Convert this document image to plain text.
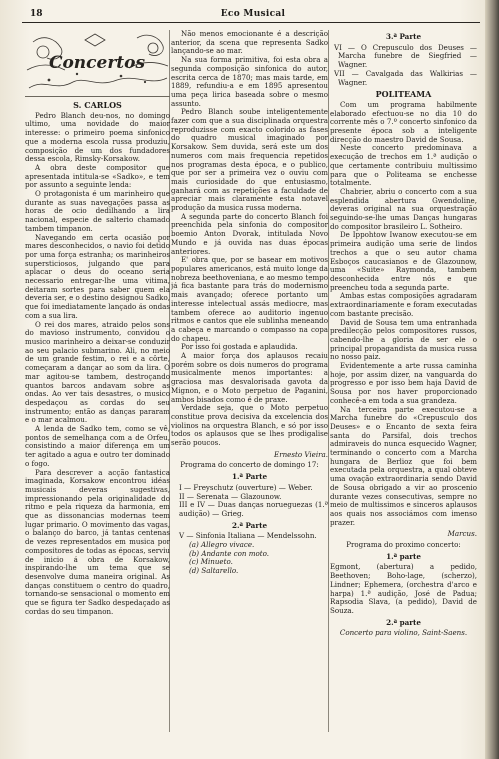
18	Eco Musical
Concertos
S. CARLOS

Pedro Blanch deu-nos, no domingo ultimo, uma novidade do maior interesse: o primeiro poema sinfonico que a moderna escola russa produziu, composição de um dos fundadores dessa escola, Rimsky-Korsakow.

A obra deste compositor que apresentada intitula-se «Sadko», e tem por assunto a seguinte lenda:

O protagonista é um marinheiro que durante as suas navegações passa as horas de ocio dedilhando a lira nacional, especie de salterio chamado tambem timpanon.

Navegando em certa ocasião por mares desconhecidos, o navio foi detido por uma força estranha; os marinheiros supersticiosos, julgando que para aplacar o deus do oceano seria necessario entregar-lhe uma vitima, deitaram sortes para saber quem ela deveria ser, e o destino designou Sadko, que foi imediatamente lançado ás ondas com a sua lira.

O rei dos mares, atraido pelos sons do mavioso instrumento, convidou o musico marinheiro a deixar-se conduzir ao seu palacio submarino. Ali, no meio de um grande festim, o rei e a côrte, começaram a dançar ao som da lira. O mar agitou-se tambem, destroçando quantos barcos andavam sobre as ondas. Ao ver tais desastres, o musico despedaçou as cordas do seu instrumento; então as danças pararam e o mar acalmou.

A lenda de Sadko tem, como se vê, pontos de semelhança com a de Orfeu, consistindo a maior diferença em um ter agitado a agua e outro ter dominado o fogo.

Para descrever a acção fantastica imaginada, Korsakow encontrou idéas musicais deveras sugestivas, impressionando pela originalidade do ritmo e pela riqueza da harmonia, em que as dissonancias modernas teem lugar primario. O movimento das vagas, o balanço do barco, já tantas centenas de vezes representados em musica por compositores de todas as épocas, serviu de inicio á obra de Korsakow, inspirando-lhe um tema que se desenvolve duma maneira original. As danças constituem o centro do quadro, tornando-se sensacional o momento em que se figura ter Sadko despedaçado as cordas do seu timpanon.

Não menos emocionante é a descrição anterior, da scena que representa Sadko lançando-se ao mar.

Na sua forma primitiva, foi esta obra a segunda composição sinfonica do autor, escrita cerca de 1870; mas mais tarde, em 1889, refundiu-a e em 1895 apresentou uma peça lirica baseada sobre o mesmo assunto.

Pedro Blanch soube inteligentemente fazer com que a sua disciplinada orquestra reproduzisse com exacto colorido as fases do quadro musical imaginado por Korsakow. Sem duvida, será este um dos numeros com mais frequencia repetidos nos programas desta época, e o publico, que por ser a primeira vez o ouviu com mais curiosidade do que entusiasmo, ganhará com as repetições a faculdade de apreciar mais claramente esta notavel produção da musica russa moderna.

A segunda parte do concerto Blanch foi preenchida pela sinfonia do compositor boemio Anton Dvorak, intitulada Novo Mundo e já ouvida nas duas épocas anteriores.

E' obra que, por se basear em motivos populares americanos, está muito longe da nobreza beethoveniana, e ao mesmo tempo já fica bastante para trás do modernismo mais avançado; oferece portanto um interesse intelectual assás mediocre, mas tambem oferece ao auditorio ingenuo ritmos e cantos que ele sublinha meneando a cabeça e marcando o compasso na copa do chapeu.

Por isso foi gostada e aplaudida.

A maior força dos aplausos recaiu porém sobre os dois numeros do programa musicalmente menos importantes: a graciosa mas desvalorisada gavota da Mignon, e o Moto perpetuo de Paganini, ambos bisados como é de praxe.

Verdade seja, que o Moto perpetuo constitue prova decisiva da excelencia dos violinos na orquestra Blanch, e só por isso todos os aplausos que se lhes prodigalise serão poucos.

Ernesto Vieira.
Programa do concerto de domingo 17:
1.ª Parte

I — Freyschutz (ouverture) — Weber.

II — Serenata — Glazounow.

III e IV — Duas danças norueguezas (1.ª audição) — Grieg.

2.ª Parte

V — Sinfonia Italiana — Mendelssohn.

(a) Allegro vivace.

(b) Andante con moto.

(c) Minueto.

(d) Saltarello.

3.ª Parte

VI — O Crepusculo dos Deuses — Marcha funebre de Siegfried — Wagner.

VII — Cavalgada das Walkirias — Wagner.

POLITEAMA

Com um programa habilmente elaborado efectuou-se no dia 10 do corrente mês o 7.º concerto sinfonico da presente época sob a inteligente direcção do maestro David de Sousa.

Neste concerto predominava a execução de trechos em 1.ª audição o que certamente contribuiu multissimo para que o Politeama se enchesse totalmente.

Chabrier, abriu o concerto com a sua esplendida abertura Gwendoline, deveras original na sua orquestração seguindo-se-lhe umas Danças hungaras do compositor brasileiro L. Sotheiro.

De Ippohtow Iwanow executou-se em primeira audição uma serie de lindos trechos a que o seu autor chama Esboços caucasianos e de Glazounow, uma «Suite» Raymonda, tambem desconhecida entre nós e que preencheu toda a segunda parte.

Ambas estas composições agradaram extraordinariamente e foram executadas com bastante precisão.

David de Sousa tem uma entranhada predilecção pelos compositores russos, cabendo-lhe a gloria de ser ele o principal propagandista da musica russa no nosso paiz.

Evidentemente a arte russa caminha hoje, por assim dizer, na vanguarda do progresso e por isso bem haja David de Sousa por nos haver proporcionado conhecê-a em toda a sua grandeza.

Na terceira parte executou-se a Marcha funebre do «Crepusculo dos Deuses» e o Encanto de sexta feira santa do Parsifal, dois trechos admiraveis do nunca esquecido Wagner, terminando o concerto com a Marcha hungara de Berlioz que foi bem executada pela orquestra, a qual obteve uma ovação extraordinaria sendo David de Sousa obrigado a vir ao proscenio durante vezes consecutivas, sempre no meio de multissimos e sinceros aplausos aos quais nos associámos com imenso prazer.

Marcus.
Programa do proximo concerto:
1.ª parte

Egmont, (abertura) a pedido, Beethoven; Boho-lage, (scherzo), Lindner; Ephemera, (orchestra d'arco e harpa) 1.ª audição, José de Padua; Rapsodia Slava, (a pedido), David de Souza.

2.ª parte

Concerto para violino, Saint-Saens.
